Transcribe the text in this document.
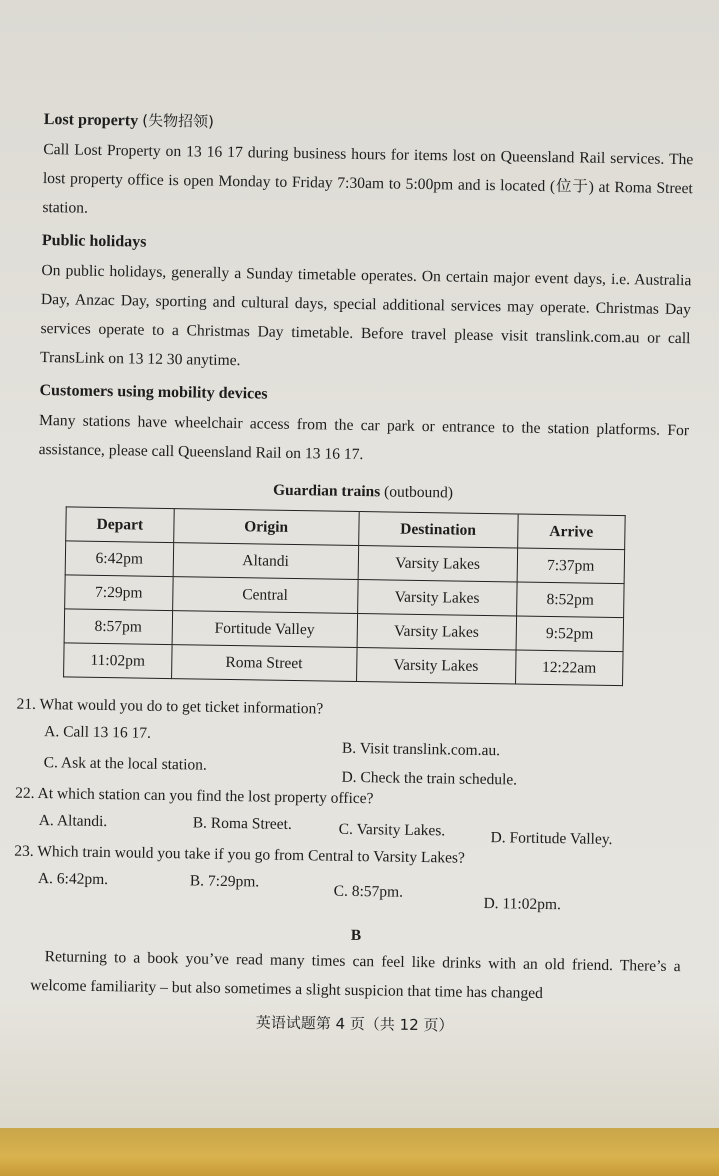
Lost property (失物招领)

Call Lost Property on 13 16 17 during business hours for items lost on Queensland Rail services. The lost property office is open Monday to Friday 7:30am to 5:00pm and is located (位于) at Roma Street station.

Public holidays

On public holidays, generally a Sunday timetable operates. On certain major event days, i.e. Australia Day, Anzac Day, sporting and cultural days, special additional services may operate. Christmas Day services operate to a Christmas Day timetable. Before travel please visit translink.com.au or call TransLink on 13 12 30 anytime.

Customers using mobility devices

Many stations have wheelchair access from the car park or entrance to the station platforms. For assistance, please call Queensland Rail on 13 16 17.

Guardian trains (outbound)
Depart	Origin	Destination	Arrive
6:42pm	Altandi	Varsity Lakes	7:37pm
7:29pm	Central	Varsity Lakes	8:52pm
8:57pm	Fortitude Valley	Varsity Lakes	9:52pm
11:02pm	Roma Street	Varsity Lakes	12:22am
21. What would you do to get ticket information?
A. Call 13 16 17.
B. Visit translink.com.au.
C. Ask at the local station.
D. Check the train schedule.
22. At which station can you find the lost property office?
A. Altandi.	B. Roma Street.	C. Varsity Lakes.	D. Fortitude Valley.
23. Which train would you take if you go from Central to Varsity Lakes?
A. 6:42pm.	B. 7:29pm.
C. 8:57pm.
D. 11:02pm.
B

Returning to a book you’ve read many times can feel like drinks with an old friend. There’s a welcome familiarity – but also sometimes a slight suspicion that time has changed

英语试题第 4 页（共 12 页）
